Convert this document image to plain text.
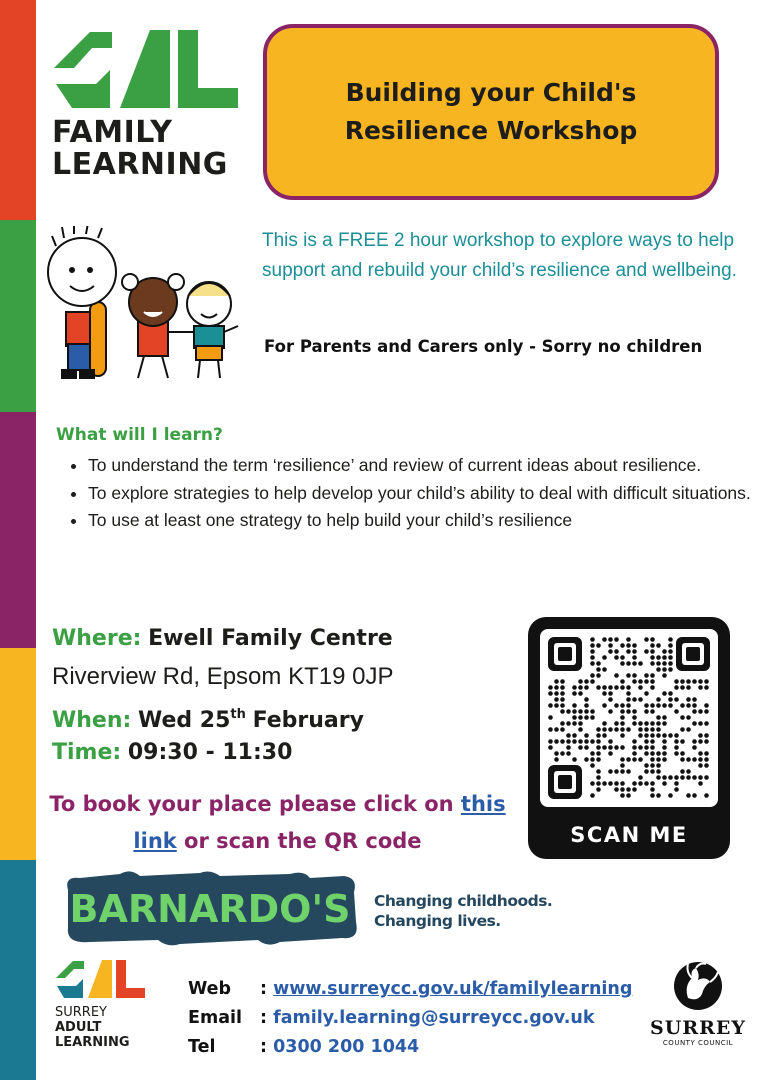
FAMILY
LEARNING
Building your Child's Resilience Workshop
This is a FREE 2 hour workshop to explore ways to help support and rebuild your child’s resilience and wellbeing.
For Parents and Carers only - Sorry no children
What will I learn?
• To understand the term ‘resilience’ and review of current ideas about resilience.
• To explore strategies to help develop your child’s ability to deal with difficult situations.
• To use at least one strategy to help build your child’s resilience
Where: Ewell Family Centre
Riverview Rd, Epsom KT19 0JP
When: Wed 25th February
Time: 09:30 - 11:30
To book your place please click on this
link or scan the QR code	SCAN ME
BARNARDO'S Changing childhoods.
Changing lives.
SURREY
ADULT
LEARNING
Web : www.surreycc.gov.uk/familylearning
Email : family.learning@surreycc.gov.uk
Tel	: 0300 200 1044
SURREY
COUNTY COUNCIL
